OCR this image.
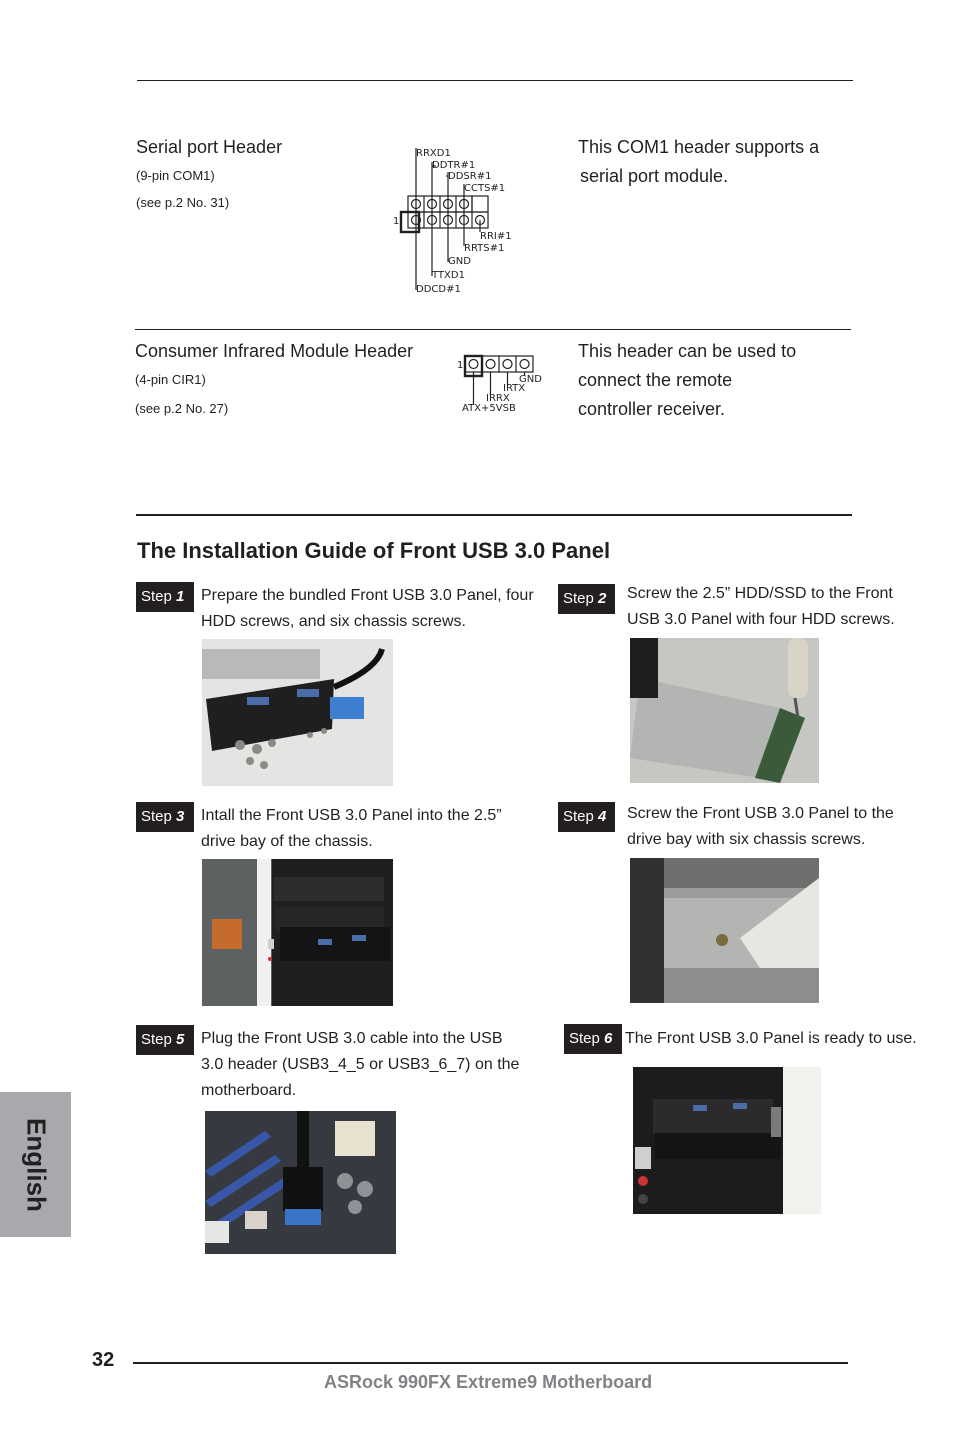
Serial port Header
(9-pin COM1)
(see p.2 No. 31)
This COM1 header supports a
serial port module.
RRXD1
DDTR#1
DDSR#1
CCTS#1
RRI#1
RRTS#1
GND
TTXD1
DDCD#1
1
Consumer Infrared Module Header
(4-pin CIR1)
(see p.2 No. 27)
This header can be used to
connect the remote
controller receiver.
1
GND
IRTX
IRRX
ATX+5VSB
The Installation Guide of Front USB 3.0 Panel
Step 1	Prepare the bundled Front USB 3.0 Panel, four
HDD screws, and six chassis screws.
Step 2	Screw the 2.5” HDD/SSD to the Front
USB 3.0 Panel with four HDD screws.
Step 3	Intall the Front USB 3.0 Panel into the 2.5”
drive bay of the chassis.
Step 4	Screw the Front USB 3.0 Panel to the
drive bay with six chassis screws.
Step 5	Plug the Front USB 3.0 cable into the USB
3.0 header (USB3_4_5 or USB3_6_7) on the
motherboard.
Step 6 The Front USB 3.0 Panel is ready to use.
English
32
ASRock 990FX Extreme9 Motherboard
